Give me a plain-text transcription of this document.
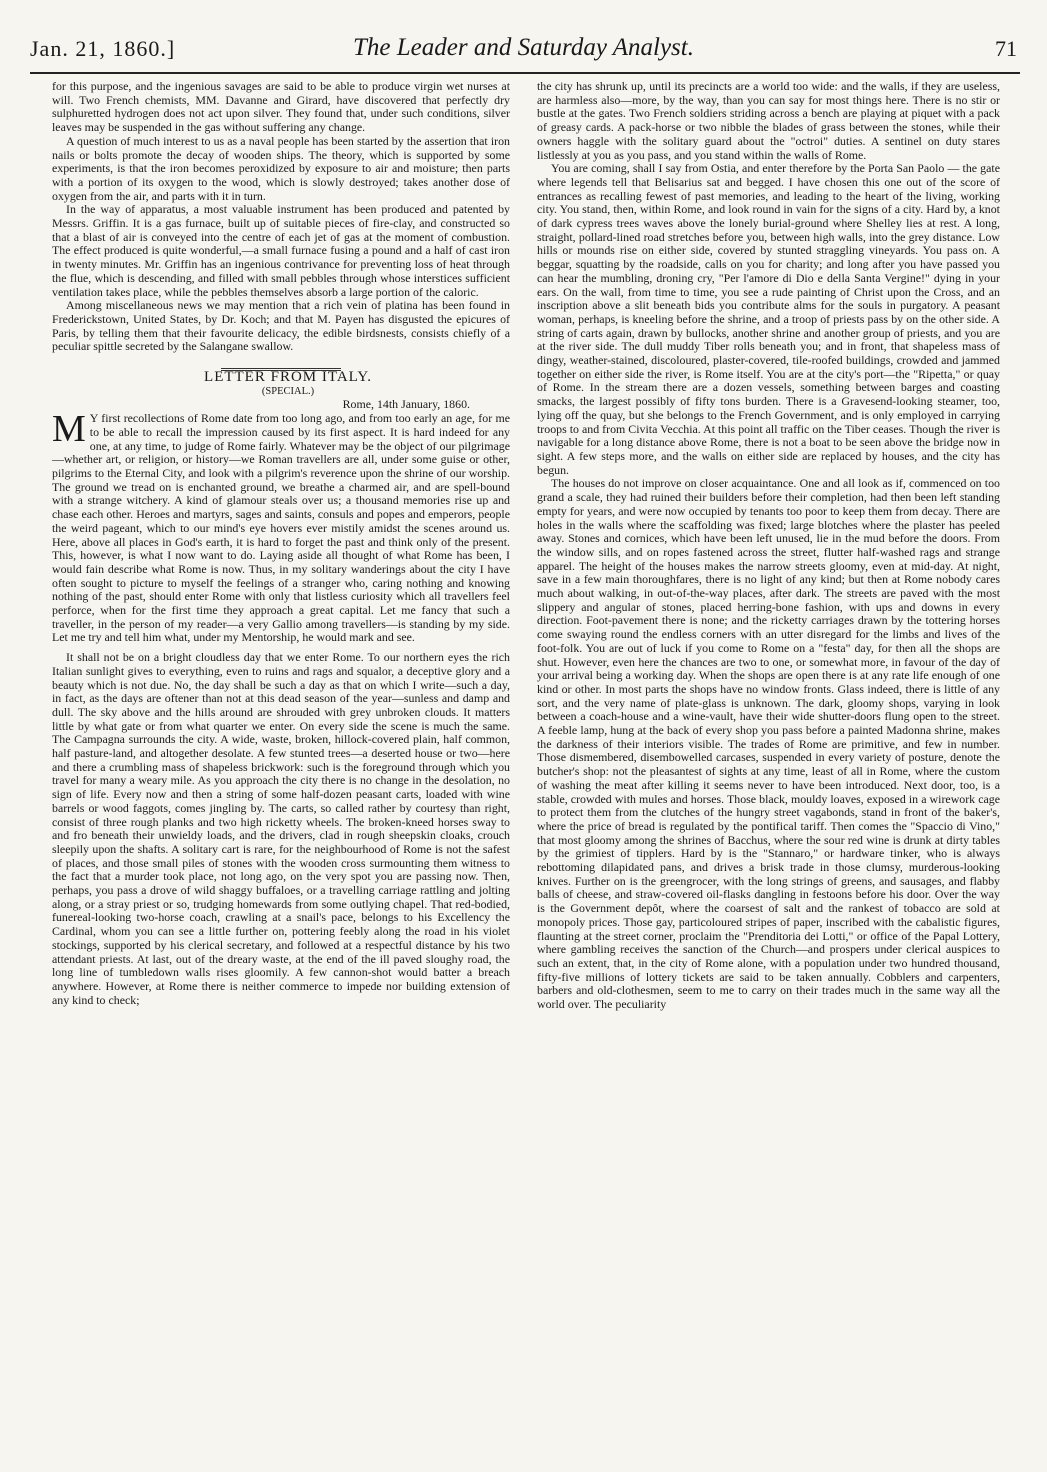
Jan. 21, 1860.]	The Leader and Saturday Analyst.	71

for this purpose, and the ingenious savages are said to be able to produce virgin wet nurses at will. Two French chemists, MM. Davanne and Girard, have discovered that perfectly dry sulphuretted hydrogen does not act upon silver. They found that, under such conditions, silver leaves may be suspended in the gas without suffering any change.

A question of much interest to us as a naval people has been started by the assertion that iron nails or bolts promote the decay of wooden ships. The theory, which is supported by some experiments, is that the iron becomes peroxidized by exposure to air and moisture; then parts with a portion of its oxygen to the wood, which is slowly destroyed; takes another dose of oxygen from the air, and parts with it in turn.

In the way of apparatus, a most valuable instrument has been produced and patented by Messrs. Griffin. It is a gas furnace, built up of suitable pieces of fire-clay, and constructed so that a blast of air is conveyed into the centre of each jet of gas at the moment of combustion. The effect produced is quite wonderful,—a small furnace fusing a pound and a half of cast iron in twenty minutes. Mr. Griffin has an ingenious contrivance for preventing loss of heat through the flue, which is descending, and filled with small pebbles through whose interstices sufficient ventilation takes place, while the pebbles themselves absorb a large portion of the caloric.

Among miscellaneous news we may mention that a rich vein of platina has been found in Frederickstown, United States, by Dr. Koch; and that M. Payen has disgusted the epicures of Paris, by telling them that their favourite delicacy, the edible birdsnests, consists chiefly of a peculiar spittle secreted by the Salangane swallow.

LETTER FROM ITALY.

(SPECIAL.)

Rome, 14th January, 1860.

M Y first recollections of Rome date from too long ago, and from too early an age, for me to be able to recall the impression caused by its first aspect. It is hard indeed for any one, at any time, to judge of Rome fairly. Whatever may be the object of our pilgrimage—whether art, or religion, or history—we Roman travellers are all, under some guise or other, pilgrims to the Eternal City, and look with a pilgrim's reverence upon the shrine of our worship. The ground we tread on is enchanted ground, we breathe a charmed air, and are spell-bound with a strange witchery. A kind of glamour steals over us; a thousand memories rise up and chase each other. Heroes and martyrs, sages and saints, consuls and popes and emperors, people the weird pageant, which to our mind's eye hovers ever mistily amidst the scenes around us. Here, above all places in God's earth, it is hard to forget the past and think only of the present. This, however, is what I now want to do. Laying aside all thought of what Rome has been, I would fain describe what Rome is now. Thus, in my solitary wanderings about the city I have often sought to picture to myself the feelings of a stranger who, caring nothing and knowing nothing of the past, should enter Rome with only that listless curiosity which all travellers feel perforce, when for the first time they approach a great capital. Let me fancy that such a traveller, in the person of my reader—a very Gallio among travellers—is standing by my side. Let me try and tell him what, under my Mentorship, he would mark and see.

It shall not be on a bright cloudless day that we enter Rome. To our northern eyes the rich Italian sunlight gives to everything, even to ruins and rags and squalor, a deceptive glory and a beauty which is not due. No, the day shall be such a day as that on which I write—such a day, in fact, as the days are oftener than not at this dead season of the year—sunless and damp and dull. The sky above and the hills around are shrouded with grey unbroken clouds. It matters little by what gate or from what quarter we enter. On every side the scene is much the same. The Campagna surrounds the city. A wide, waste, broken, hillock-covered plain, half common, half pasture-land, and altogether desolate. A few stunted trees—a deserted house or two—here and there a crumbling mass of shapeless brickwork: such is the foreground through which you travel for many a weary mile. As you approach the city there is no change in the desolation, no sign of life. Every now and then a string of some half-dozen peasant carts, loaded with wine barrels or wood faggots, comes jingling by. The carts, so called rather by courtesy than right, consist of three rough planks and two high ricketty wheels. The broken-kneed horses sway to and fro beneath their unwieldy loads, and the drivers, clad in rough sheepskin cloaks, crouch sleepily upon the shafts. A solitary cart is rare, for the neighbourhood of Rome is not the safest of places, and those small piles of stones with the wooden cross surmounting them witness to the fact that a murder took place, not long ago, on the very spot you are passing now. Then, perhaps, you pass a drove of wild shaggy buffaloes, or a travelling carriage rattling and jolting along, or a stray priest or so, trudging homewards from some outlying chapel. That red-bodied, funereal-looking two-horse coach, crawling at a snail's pace, belongs to his Excellency the Cardinal, whom you can see a little further on, pottering feebly along the road in his violet stockings, supported by his clerical secretary, and followed at a respectful distance by his two attendant priests. At last, out of the dreary waste, at the end of the ill paved sloughy road, the long line of tumbledown walls rises gloomily. A few cannon-shot would batter a breach anywhere. However, at Rome there is neither commerce to impede nor building extension of any kind to check;

the city has shrunk up, until its precincts are a world too wide: and the walls, if they are useless, are harmless also—more, by the way, than you can say for most things here. There is no stir or bustle at the gates. Two French soldiers striding across a bench are playing at piquet with a pack of greasy cards. A pack-horse or two nibble the blades of grass between the stones, while their owners haggle with the solitary guard about the "octroi" duties. A sentinel on duty stares listlessly at you as you pass, and you stand within the walls of Rome.

You are coming, shall I say from Ostia, and enter therefore by the Porta San Paolo — the gate where legends tell that Belisarius sat and begged. I have chosen this one out of the score of entrances as recalling fewest of past memories, and leading to the heart of the living, working city. You stand, then, within Rome, and look round in vain for the signs of a city. Hard by, a knot of dark cypress trees waves above the lonely burial-ground where Shelley lies at rest. A long, straight, pollard-lined road stretches before you, between high walls, into the grey distance. Low hills or mounds rise on either side, covered by stunted straggling vineyards. You pass on. A beggar, squatting by the roadside, calls on you for charity; and long after you have passed you can hear the mumbling, droning cry, "Per l'amore di Dio e della Santa Vergine!" dying in your ears. On the wall, from time to time, you see a rude painting of Christ upon the Cross, and an inscription above a slit beneath bids you contribute alms for the souls in purgatory. A peasant woman, perhaps, is kneeling before the shrine, and a troop of priests pass by on the other side. A string of carts again, drawn by bullocks, another shrine and another group of priests, and you are at the river side. The dull muddy Tiber rolls beneath you; and in front, that shapeless mass of dingy, weather-stained, discoloured, plaster-covered, tile-roofed buildings, crowded and jammed together on either side the river, is Rome itself. You are at the city's port—the "Ripetta," or quay of Rome. In the stream there are a dozen vessels, something between barges and coasting smacks, the largest possibly of fifty tons burden. There is a Gravesend-looking steamer, too, lying off the quay, but she belongs to the French Government, and is only employed in carrying troops to and from Civita Vecchia. At this point all traffic on the Tiber ceases. Though the river is navigable for a long distance above Rome, there is not a boat to be seen above the bridge now in sight. A few steps more, and the walls on either side are replaced by houses, and the city has begun.

The houses do not improve on closer acquaintance. One and all look as if, commenced on too grand a scale, they had ruined their builders before their completion, had then been left standing empty for years, and were now occupied by tenants too poor to keep them from decay. There are holes in the walls where the scaffolding was fixed; large blotches where the plaster has peeled away. Stones and cornices, which have been left unused, lie in the mud before the doors. From the window sills, and on ropes fastened across the street, flutter half-washed rags and strange apparel. The height of the houses makes the narrow streets gloomy, even at mid-day. At night, save in a few main thoroughfares, there is no light of any kind; but then at Rome nobody cares much about walking, in out-of-the-way places, after dark. The streets are paved with the most slippery and angular of stones, placed herring-bone fashion, with ups and downs in every direction. Foot-pavement there is none; and the ricketty carriages drawn by the tottering horses come swaying round the endless corners with an utter disregard for the limbs and lives of the foot-folk. You are out of luck if you come to Rome on a "festa" day, for then all the shops are shut. However, even here the chances are two to one, or somewhat more, in favour of the day of your arrival being a working day. When the shops are open there is at any rate life enough of one kind or other. In most parts the shops have no window fronts. Glass indeed, there is little of any sort, and the very name of plate-glass is unknown. The dark, gloomy shops, varying in look between a coach-house and a wine-vault, have their wide shutter-doors flung open to the street. A feeble lamp, hung at the back of every shop you pass before a painted Madonna shrine, makes the darkness of their interiors visible. The trades of Rome are primitive, and few in number. Those dismembered, disembowelled carcases, suspended in every variety of posture, denote the butcher's shop: not the pleasantest of sights at any time, least of all in Rome, where the custom of washing the meat after killing it seems never to have been introduced. Next door, too, is a stable, crowded with mules and horses. Those black, mouldy loaves, exposed in a wirework cage to protect them from the clutches of the hungry street vagabonds, stand in front of the baker's, where the price of bread is regulated by the pontifical tariff. Then comes the "Spaccio di Vino," that most gloomy among the shrines of Bacchus, where the sour red wine is drunk at dirty tables by the grimiest of tipplers. Hard by is the "Stannaro," or hardware tinker, who is always rebottoming dilapidated pans, and drives a brisk trade in those clumsy, murderous-looking knives. Further on is the greengrocer, with the long strings of greens, and sausages, and flabby balls of cheese, and straw-covered oil-flasks dangling in festoons before his door. Over the way is the Government depôt, where the coarsest of salt and the rankest of tobacco are sold at monopoly prices. Those gay, particoloured stripes of paper, inscribed with the cabalistic figures, flaunting at the street corner, proclaim the "Prenditoria dei Lotti," or office of the Papal Lottery, where gambling receives the sanction of the Church—and prospers under clerical auspices to such an extent, that, in the city of Rome alone, with a population under two hundred thousand, fifty-five millions of lottery tickets are said to be taken annually. Cobblers and carpenters, barbers and old-clothesmen, seem to me to carry on their trades much in the same way all the world over. The peculiarity
